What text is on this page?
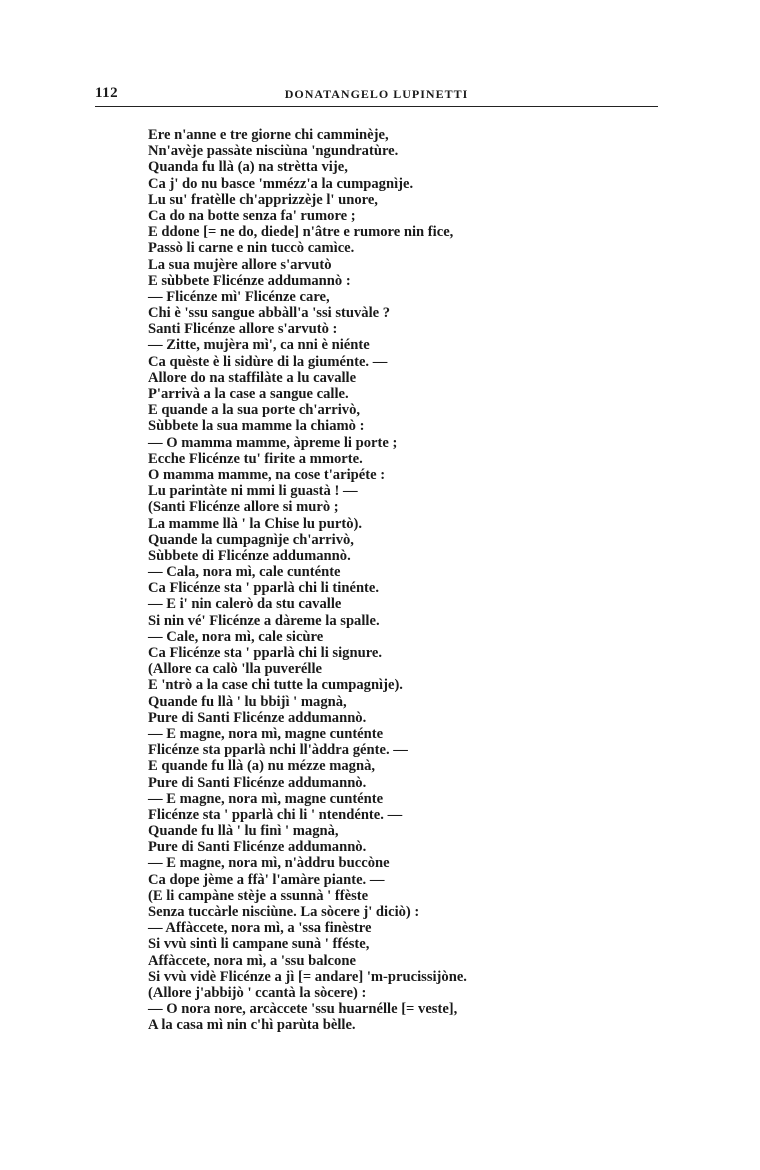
112	DONATANGELO LUPINETTI
Ere n'anne e tre giorne chi camminèje,
Nn'avèje passàte nisciùna 'ngundratùre.
Quanda fu llà (a) na strètta vije,
Ca j' do nu basce 'mmézz'a la cumpagnìje.
Lu su' fratèlle ch'apprizzèje l' unore,
Ca do na botte senza fa' rumore ;
E ddone [= ne do, diede] n'âtre e rumore nin fice,
Passò li carne e nin tuccò camìce.
La sua mujère allore s'arvutò
E sùbbete Flicénze addumannò :
— Flicénze mì' Flicénze care,
Chi è 'ssu sangue abbàll'a 'ssi stuvàle ?
Santi Flicénze allore s'arvutò :
— Zitte, mujèra mì', ca nni è niénte
Ca quèste è li sidùre di la giuménte. —
Allore do na staffilàte a lu cavalle
P'arrivà a la case a sangue calle.
E quande a la sua porte ch'arrivò,
Sùbbete la sua mamme la chiamò :
— O mamma mamme, àpreme li porte ;
Ecche Flicénze tu' firite a mmorte.
O mamma mamme, na cose t'aripéte :
Lu parintàte ni mmi li guastà ! —
(Santi Flicénze allore si murò ;
La mamme llà ' la Chise lu purtò).
Quande la cumpagnìje ch'arrivò,
Sùbbete di Flicénze addumannò.
— Cala, nora mì, cale cunténte
Ca Flicénze sta ' pparlà chi li tinénte.
— E i' nin calerò da stu cavalle
Si nin vé' Flicénze a dàreme la spalle.
— Cale, nora mì, cale sicùre
Ca Flicénze sta ' pparlà chi li signure.
(Allore ca calò 'lla puverélle
E 'ntrò a la case chi tutte la cumpagnìje).
Quande fu llà ' lu bbijì ' magnà,
Pure di Santi Flicénze addumannò.
— E magne, nora mì, magne cunténte
Flicénze sta pparlà nchi ll'àddra génte. —
E quande fu llà (a) nu mézze magnà,
Pure di Santi Flicénze addumannò.
— E magne, nora mì, magne cunténte
Flicénze sta ' pparlà chi li ' ntendénte. —
Quande fu llà ' lu finì ' magnà,
Pure di Santi Flicénze addumannò.
— E magne, nora mì, n'àddru buccòne
Ca dope jème a ffà' l'amàre piante. —
(E li campàne stèje a ssunnà ' ffèste
Senza tuccàrle nisciùne. La sòcere j' diciò) :
— Affàccete, nora mì, a 'ssa finèstre
Si vvù sintì li campane sunà ' fféste,
Affàccete, nora mì, a 'ssu balcone
Si vvù vidè Flicénze a jì [= andare] 'm-prucissijòne.
(Allore j'abbijò ' ccantà la sòcere) :
— O nora nore, arcàccete 'ssu huarnélle [= veste],
A la casa mì nin c'hì parùta bèlle.
